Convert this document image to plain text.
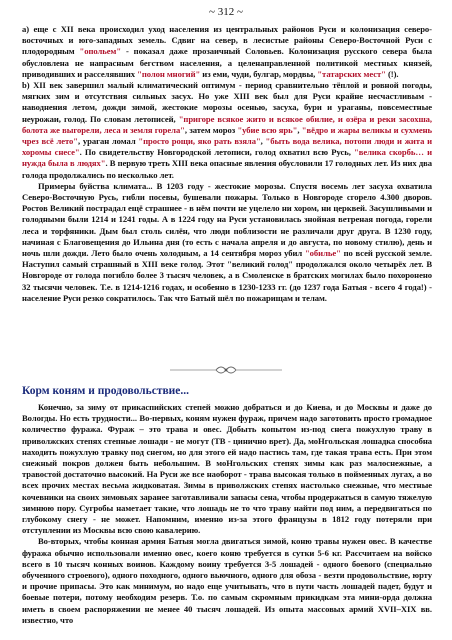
~ 312 ~

а) еще с XII века происходил уход населения из центральных районов Руси и колонизация северо-восточных и юго-западных земель. Сдвиг на север, в лесистые районы Северо-Восточной Руси с плодородным "опольем" - показал даже прозаичный Соловьев. Колонизация русского севера была обусловлена не напрасным бегством населения, а целенаправленной политикой местных князей, приводивших и расселявших "полон многий" из еми, чуди, булгар, мордвы, "татарских мест" (!).

b) XII век завершил малый климатический оптимум - период сравнительно тёплой и ровной погоды, мягких зим и отсутствия сильных засух. Но уже XIII век был для Руси крайне несчастливым - наводнения летом, дожди зимой, жестокие морозы осенью, засуха, бури и ураганы, повсеместные неурожаи, голод. По словам летописей, "пригоре всякое жито и всякое обилие, и озёра и реки засохша, болота же выгорели, леса и земля горела", затем мороз "убие всю ярь", "вёдро и жары великы и сухмень чрез всё лето", ураган ломал "просто рощи, яко рать взяла", "быть вода велика, потопи люди и жита и хоромы снесе". По свидетельству Новгородской летописи, голод охватил всю Русь, "велика скорбь… и нужда была в людях". В первую треть XIII века опасные явления обусловили 17 голодных лет. Из них два голода продолжались по несколько лет.

Примеры буйства климата... В 1203 году - жестокие морозы. Спустя восемь лет засуха охватила Северо-Восточную Русь, гибли посевы, бушевали пожары. Только в Новгороде сгорело 4.300 дворов. Ростов Великий пострадал ещё страшнее - в нём почти не уцелело ни хором, ни церквей. Засушливыми и голодными были 1214 и 1241 годы. А в 1224 году на Руси установилась знойная ветреная погода, горели леса и торфяники. Дым был столь силён, что люди поблизости не различали друг друга. В 1230 году, начиная с Благовещения до Ильина дня (то есть с начала апреля и до августа, по новому стилю), день и ночь шли дожди. Лето было очень холодным, а 14 сентября мороз убил "обилье" по всей русской земле. Наступил самый страшный в XIII веке голод. Этот "великий голод" продолжался около четырёх лет. В Новгороде от голода погибло более 3 тысяч человек, а в Смоленске в братских могилах было похоронено 32 тысячи человек. Т.е. в 1214-1216 годах, и особенно в 1230-1233 гг. (до 1237 года Батыя - всего 4 года!) - население Руси резко сократилось. Так что Батый шёл по пожарищам и телам.

Корм коням и продовольствие...

Конечно, за зиму от прикаспийских степей можно добраться и до Киева, и до Москвы и даже до Вологды. Но есть трудности... Во-первых, коням нужен фураж, причем надо заготовить просто громадное количество фуража. Фураж – это травa и овес. Добыть копытом из-под снега пожухлую траву в приволжских степях степные лошади - не могут (ТВ - цинично врет). Да, моНгольская лошадка способна находить пожухлую травку под снегом, но для этого ей надо пастись там, где такая трава есть. При этом снежный покров должен быть небольшим. В моНгольских степях зимы как раз малоснежные, а травостой достаточно высокий. На Руси же все наоборот - трава высокая только в пойменных лугах, а во всех прочих местах весьма жидковатая. Зимы в приволжских степях настолько снежные, что местные кочевники на своих зимовьях заранее заготавливали запасы сена, чтобы продержаться в самую тяжелую зимнюю пору. Сугробы наметает такие, что лошадь не то что траву найти под ним, а передвигаться по глубокому снегу - не может. Напомним, именно из-за этого французы в 1812 году потеряли при отступлении из Москвы всю свою кавалерию.

Во-вторых, чтобы конная армия Батыя могла двигаться зимой, коню травы нужен овес. В качестве фуража обычно использовали именно овес, коего коню требуется в сутки 5-6 кг. Рассчитаем на войско всего в 10 тысяч конных воинов. Каждому воину требуется 3-5 лошадей - одного боевого (специально обученного строевого), одного походного, одного вьючного, одного для обоза - везти продовольствие, юрту и прочие припасы. Это как минимум, но надо еще учитывать, что в пути часть лошадей падет, будут и боевые потери, потому необходим резерв. Т.о. по самым скромным прикидкам эта мини-орда должна иметь в своем распоряжении не менее 40 тысяч лошадей. Из опыта массовых армий XVII–XIX вв. известно, что
